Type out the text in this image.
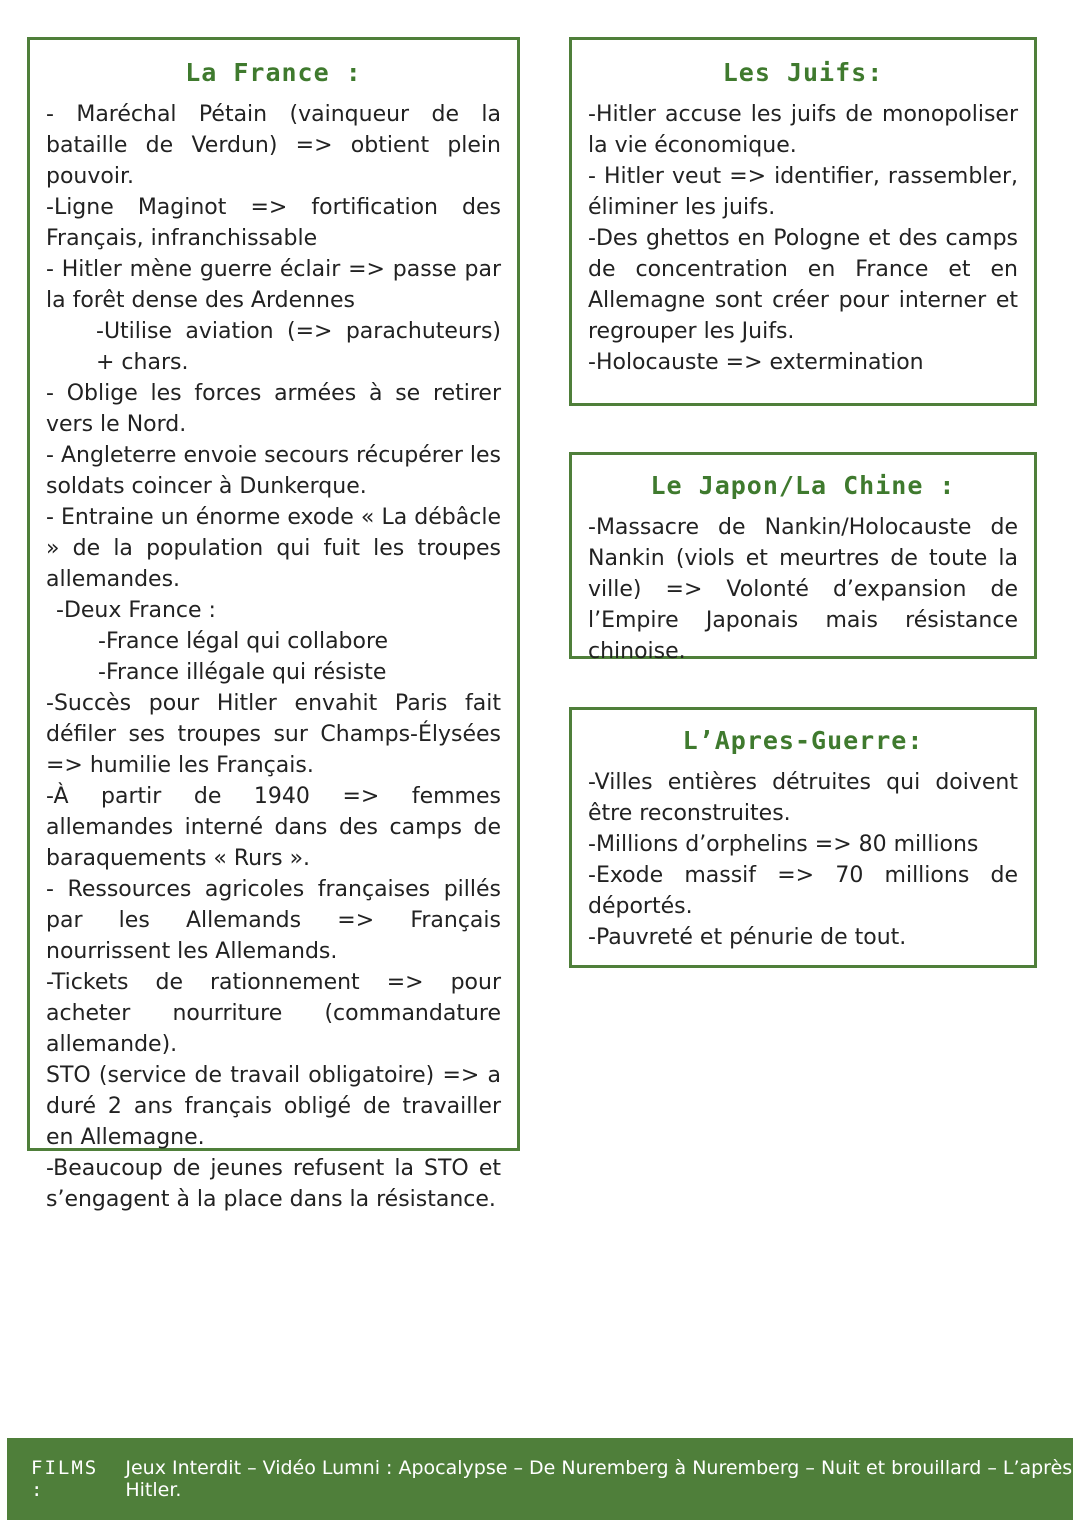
La France :
- Maréchal Pétain (vainqueur de la bataille de Verdun) => obtient plein pouvoir.
-Ligne Maginot => fortification des Français, infranchissable
- Hitler mène guerre éclair => passe par la forêt dense des Ardennes
-Utilise aviation (=> parachuteurs) + chars.
- Oblige les forces armées à se retirer vers le Nord.
- Angleterre envoie secours récupérer les soldats coincer à Dunkerque.
- Entraine un énorme exode « La débâcle » de la population qui fuit les troupes allemandes.
-Deux France :
-France légal qui collabore
-France illégale qui résiste
-Succès pour Hitler envahit Paris fait défiler ses troupes sur Champs-Élysées => humilie les Français.
-À partir de 1940 => femmes allemandes interné dans des camps de baraquements « Rurs ».
- Ressources agricoles françaises pillés par les Allemands => Français nourrissent les Allemands.
-Tickets de rationnement => pour acheter nourriture (commandature allemande).
STO (service de travail obligatoire) => a duré 2 ans français obligé de travailler en Allemagne.
-Beaucoup de jeunes refusent la STO et s’engagent à la place dans la résistance.
Les Juifs:
-Hitler accuse les juifs de monopoliser la vie économique.
- Hitler veut => identifier, rassembler, éliminer les juifs.
-Des ghettos en Pologne et des camps de concentration en France et en Allemagne sont créer pour interner et regrouper les Juifs.
-Holocauste => extermination
Le Japon/La Chine :
-Massacre de Nankin/Holocauste de Nankin (viols et meurtres de toute la ville) => Volonté d’expansion de l’Empire Japonais mais résistance chinoise.
L’Apres-Guerre:
-Villes entières détruites qui doivent être reconstruites.
-Millions d’orphelins => 80 millions
-Exode massif => 70 millions de déportés.
-Pauvreté et pénurie de tout.
FILMS :
Jeux Interdit – Vidéo Lumni : Apocalypse – De Nuremberg à Nuremberg – Nuit et brouillard – L’après Hitler.
